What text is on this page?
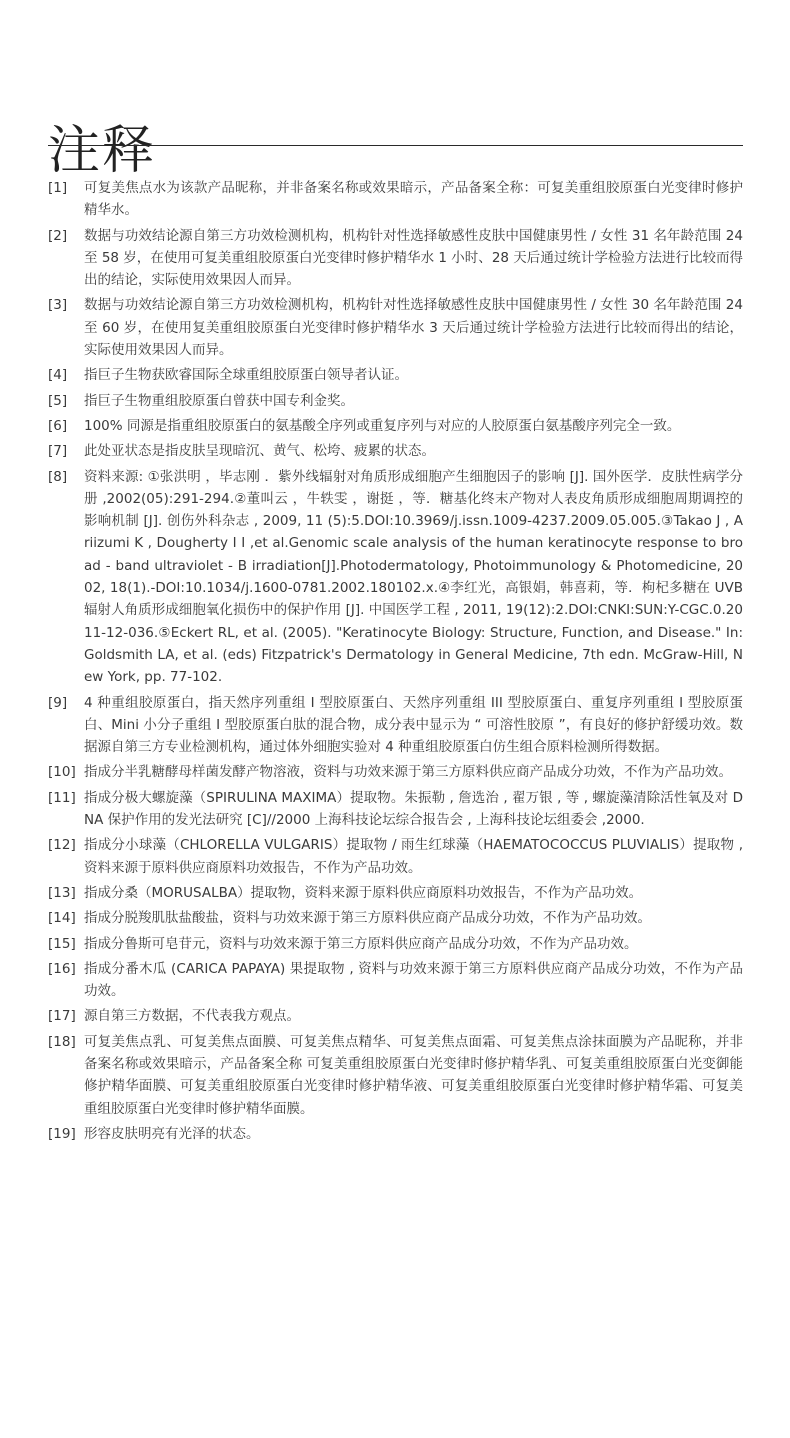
注释
[1]	可复美焦点水为该款产品昵称，并非备案名称或效果暗示，产品备案全称：可复美重组胶原蛋白光变律时修护精华水。
[2]	数据与功效结论源自第三方功效检测机构，机构针对性选择敏感性皮肤中国健康男性 / 女性 31 名年龄范围 24 至 58 岁，在使用可复美重组胶原蛋白光变律时修护精华水 1 小时、28 天后通过统计学检验方法进行比较而得出的结论，实际使用效果因人而异。
[3]	数据与功效结论源自第三方功效检测机构，机构针对性选择敏感性皮肤中国健康男性 / 女性 30 名年龄范围 24 至 60 岁，在使用复美重组胶原蛋白光变律时修护精华水 3 天后通过统计学检验方法进行比较而得出的结论，实际使用效果因人而异。
[4]	指巨子生物获欧睿国际全球重组胶原蛋白领导者认证。
[5]	指巨子生物重组胶原蛋白曾获中国专利金奖。
[6]	100% 同源是指重组胶原蛋白的氨基酸全序列或重复序列与对应的人胶原蛋白氨基酸序列完全一致。
[7]	此处亚状态是指皮肤呈现暗沉、黄气、松垮、疲累的状态。
[8]	资料来源: ①张洪明 ，毕志刚 ．紫外线辐射对角质形成细胞产生细胞因子的影响 [J]. 国外医学．皮肤性病学分册 ,2002(05):291-294.②董叫云 ，牛轶雯 ，谢挺 ，等．糖基化终末产物对人表皮角质形成细胞周期调控的影响机制 [J]. 创伤外科杂志 , 2009, 11 (5):5.DOI:10.3969/j.issn.1009-4237.2009.05.005.③Takao J , Ariizumi K , Dougherty I I ,et al.Genomic scale analysis of the human keratinocyte response to broad - band ultraviolet - B irradiation[J].Photodermatology, Photoimmunology & Photomedicine, 2002, 18(1).-DOI:10.1034/j.1600-0781.2002.180102.x.④李红光，高银娟，韩喜莉，等．枸杞多糖在 UVB 辐射人角质形成细胞氧化损伤中的保护作用 [J]. 中国医学工程 , 2011, 19(12):2.DOI:CNKI:SUN:Y-CGC.0.2011-12-036.⑤Eckert RL, et al. (2005). "Keratinocyte Biology: Structure, Function, and Disease." In: Goldsmith LA, et al. (eds) Fitzpatrick's Dermatology in General Medicine, 7th edn. McGraw-Hill, New York, pp. 77-102.
[9]	4 种重组胶原蛋白，指天然序列重组 I 型胶原蛋白、天然序列重组 III 型胶原蛋白、重复序列重组 I 型胶原蛋白、Mini 小分子重组 I 型胶原蛋白肽的混合物，成分表中显示为 “ 可溶性胶原 ”，有良好的修护舒缓功效。数据源自第三方专业检测机构，通过体外细胞实验对 4 种重组胶原蛋白仿生组合原料检测所得数据。
[10] 指成分半乳糖酵母样菌发酵产物溶液，资料与功效来源于第三方原料供应商产品成分功效，不作为产品功效。
[11] 指成分极大螺旋藻（SPIRULINA MAXIMA）提取物。朱振勒 , 詹选治 , 翟万银 , 等 , 螺旋藻清除活性氧及对 DNA 保护作用的发光法研究 [C]//2000 上海科技论坛综合报告会 , 上海科技论坛组委会 ,2000.
[12] 指成分小球藻（CHLORELLA VULGARIS）提取物 / 雨生红球藻（HAEMATOCOCCUS PLUVIALIS）提取物 , 资料来源于原料供应商原料功效报告，不作为产品功效。
[13] 指成分桑（MORUSALBA）提取物，资料来源于原料供应商原料功效报告，不作为产品功效。
[14] 指成分脱羧肌肽盐酸盐，资料与功效来源于第三方原料供应商产品成分功效，不作为产品功效。
[15] 指成分鲁斯可皂苷元，资料与功效来源于第三方原料供应商产品成分功效，不作为产品功效。
[16] 指成分番木瓜 (CARICA PAPAYA) 果提取物 , 资料与功效来源于第三方原料供应商产品成分功效，不作为产品功效。
[17] 源自第三方数据，不代表我方观点。
[18] 可复美焦点乳、可复美焦点面膜、可复美焦点精华、可复美焦点面霜、可复美焦点涂抹面膜为产品昵称，并非备案名称或效果暗示，产品备案全称 可复美重组胶原蛋白光变律时修护精华乳、可复美重组胶原蛋白光变御能修护精华面膜、可复美重组胶原蛋白光变律时修护精华液、可复美重组胶原蛋白光变律时修护精华霜、可复美重组胶原蛋白光变律时修护精华面膜。
[19] 形容皮肤明亮有光泽的状态。
